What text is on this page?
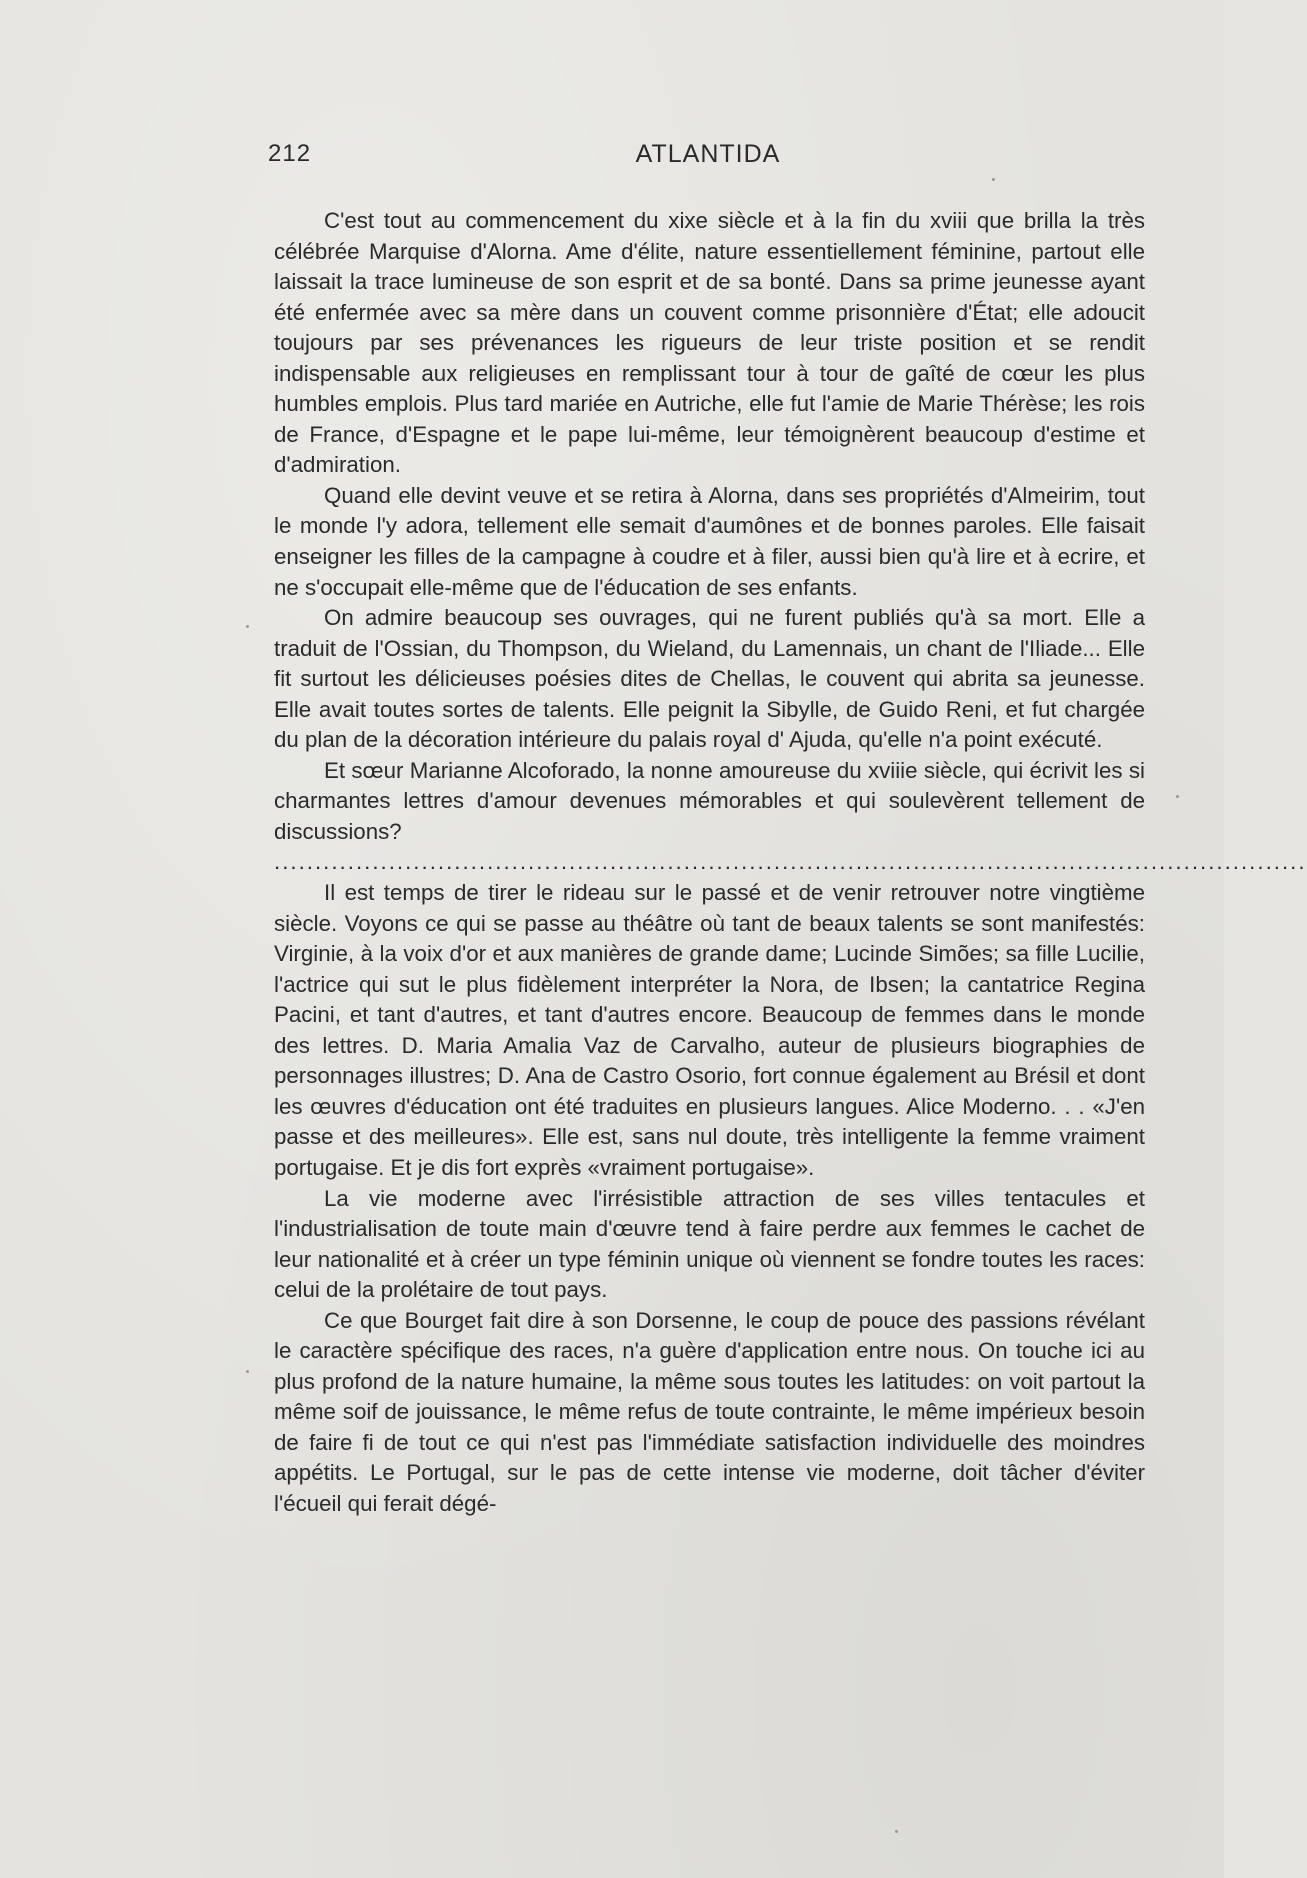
212	ATLANTIDA

C'est tout au commencement du xixe siècle et à la fin du xviii que brilla la très célébrée Marquise d'Alorna. Ame d'élite, nature essentiellement féminine, partout elle laissait la trace lumineuse de son esprit et de sa bonté. Dans sa prime jeunesse ayant été enfermée avec sa mère dans un couvent comme prisonnière d'État; elle adoucit toujours par ses prévenances les rigueurs de leur triste position et se rendit indispensable aux religieuses en remplissant tour à tour de gaîté de cœur les plus humbles emplois. Plus tard mariée en Autriche, elle fut l'amie de Marie Thérèse; les rois de France, d'Espagne et le pape lui-même, leur témoignèrent beaucoup d'estime et d'admiration.

Quand elle devint veuve et se retira à Alorna, dans ses propriétés d'Almeirim, tout le monde l'y adora, tellement elle semait d'aumônes et de bonnes paroles. Elle faisait enseigner les filles de la campagne à coudre et à filer, aussi bien qu'à lire et à ecrire, et ne s'occupait elle-même que de l'éducation de ses enfants.

On admire beaucoup ses ouvrages, qui ne furent publiés qu'à sa mort. Elle a traduit de l'Ossian, du Thompson, du Wieland, du Lamennais, un chant de l'Iliade... Elle fit surtout les délicieuses poésies dites de Chellas, le couvent qui abrita sa jeunesse. Elle avait toutes sortes de talents. Elle peignit la Sibylle, de Guido Reni, et fut chargée du plan de la décoration intérieure du palais royal d' Ajuda, qu'elle n'a point exécuté.

Et sœur Marianne Alcoforado, la nonne amoureuse du xviiie siècle, qui écrivit les si charmantes lettres d'amour devenues mémorables et qui soulevèrent tellement de discussions?

..............................................................................................................................

Il est temps de tirer le rideau sur le passé et de venir retrouver notre vingtième siècle. Voyons ce qui se passe au théâtre où tant de beaux talents se sont manifestés: Virginie, à la voix d'or et aux manières de grande dame; Lucinde Simões; sa fille Lucilie, l'actrice qui sut le plus fidèlement interpréter la Nora, de Ibsen; la cantatrice Regina Pacini, et tant d'autres, et tant d'autres encore. Beaucoup de femmes dans le monde des lettres. D. Maria Amalia Vaz de Carvalho, auteur de plusieurs biographies de personnages illustres; D. Ana de Castro Osorio, fort connue également au Brésil et dont les œuvres d'éducation ont été traduites en plusieurs langues. Alice Moderno. . . «J'en passe et des meilleures». Elle est, sans nul doute, très intelligente la femme vraiment portugaise. Et je dis fort exprès «vraiment portugaise».

La vie moderne avec l'irrésistible attraction de ses villes tentacules et l'industrialisation de toute main d'œuvre tend à faire perdre aux femmes le cachet de leur nationalité et à créer un type féminin unique où viennent se fondre toutes les races: celui de la prolétaire de tout pays.

Ce que Bourget fait dire à son Dorsenne, le coup de pouce des passions révélant le caractère spécifique des races, n'a guère d'application entre nous. On touche ici au plus profond de la nature humaine, la même sous toutes les latitudes: on voit partout la même soif de jouissance, le même refus de toute contrainte, le même impérieux besoin de faire fi de tout ce qui n'est pas l'immédiate satisfaction individuelle des moindres appétits. Le Portugal, sur le pas de cette intense vie moderne, doit tâcher d'éviter l'écueil qui ferait dégé-
